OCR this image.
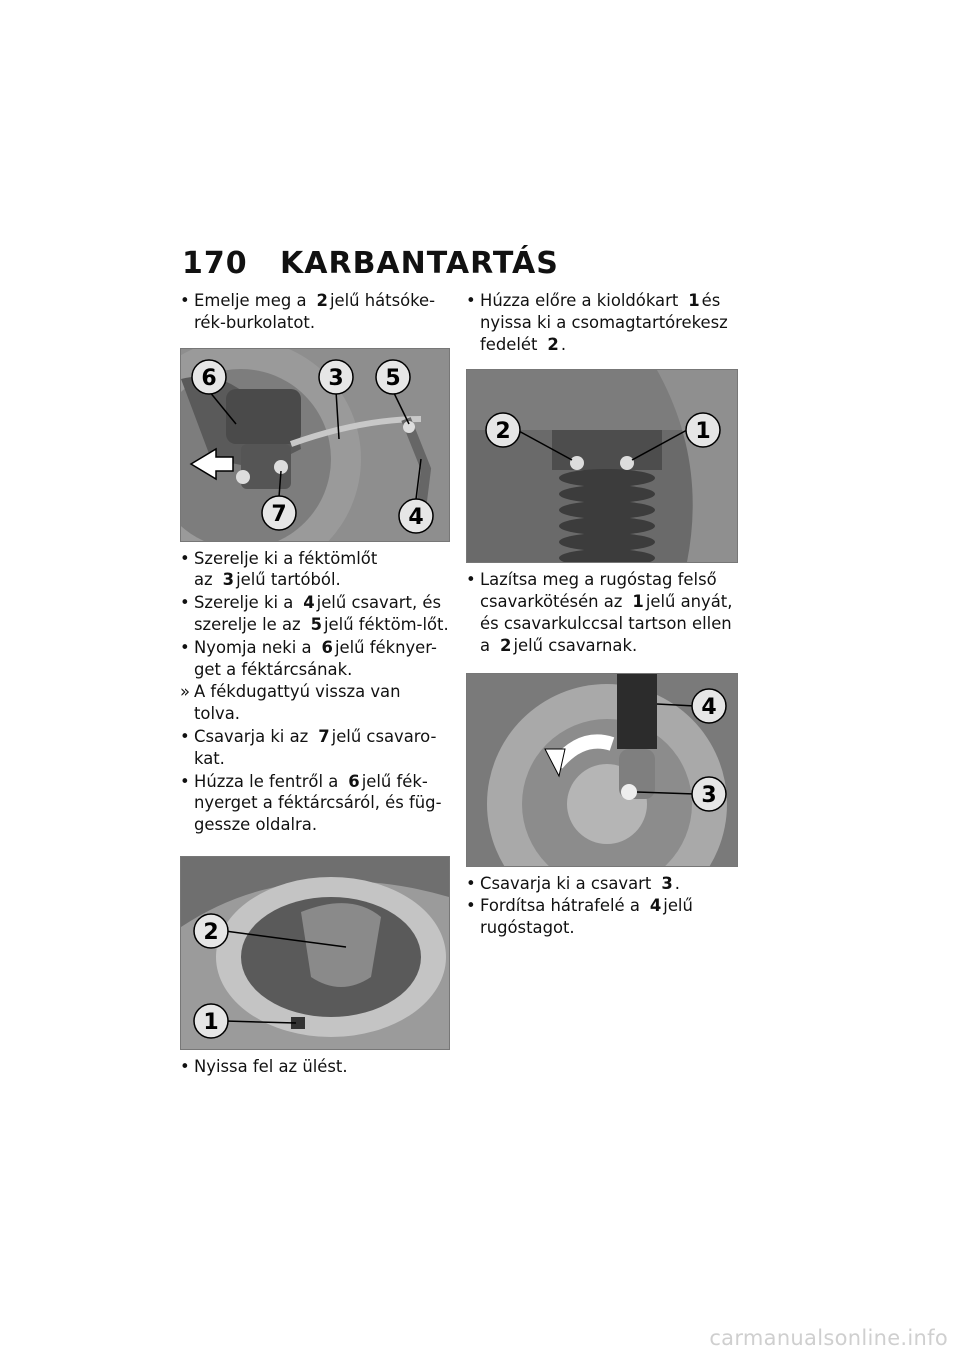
170 KARBANTARTÁS
• Emelje meg a 2 jelű hátsóke-rék-burkolatot.
6	3 5
7	4
• Szerelje ki a féktömlőt az 3 jelű tartóból.
• Szerelje ki a 4 jelű csavart, és szerelje le az 5 jelű féktöm-lőt.
• Nyomja neki a 6 jelű féknyer-get a féktárcsának.
» A fékdugattyú vissza van tolva.
• Csavarja ki az 7 jelű csavaro-kat.
• Húzza le fentről a 6 jelű fék-nyerget a féktárcsáról, és füg-gessze oldalra.
2
1
• Nyissa fel az ülést.
• Húzza előre a kioldókart 1 és nyissa ki a csomagtartórekesz fedelét 2 .
2	1
• Lazítsa meg a rugóstag felső csavarkötésén az 1 jelű anyát, és csavarkulccsal tartson ellen a 2 jelű csavarnak.
4
3
• Csavarja ki a csavart 3 .
• Fordítsa hátrafelé a 4 jelű rugóstagot.
carmanualsonline.info
